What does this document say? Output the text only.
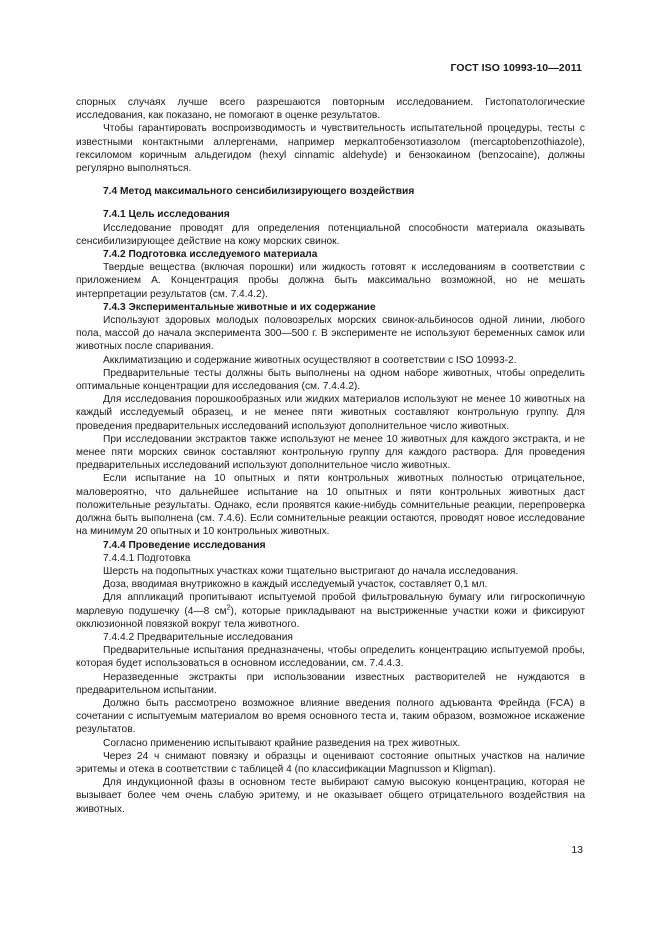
ГОСТ ISO 10993-10—2011

спорных случаях лучше всего разрешаются повторным исследованием. Гистопатологические исследования, как показано, не помогают в оценке результатов.

Чтобы гарантировать воспроизводимость и чувствительность испытательной процедуры, тесты с известными контактными аллергенами, например меркаптобензотиазолом (mercaptobenzothiazole), гексиломом коричным альдегидом (hexyl cinnamic aldehyde) и бензокаином (benzocaine), должны регулярно выполняться.

7.4 Метод максимального сенсибилизирующего воздействия

7.4.1 Цель исследования

Исследование проводят для определения потенциальной способности материала оказывать сенсибилизирующее действие на кожу морских свинок.

7.4.2 Подготовка исследуемого материала

Твердые вещества (включая порошки) или жидкость готовят к исследованиям в соответствии с приложением А. Концентрация пробы должна быть максимально возможной, но не мешать интерпретации результатов (см. 7.4.4.2).

7.4.3 Экспериментальные животные и их содержание

Используют здоровых молодых половозрелых морских свинок-альбиносов одной линии, любого пола, массой до начала эксперимента 300—500 г. В эксперименте не используют беременных самок или животных после спаривания.

Акклиматизацию и содержание животных осуществляют в соответствии с ISO 10993-2.

Предварительные тесты должны быть выполнены на одном наборе животных, чтобы определить оптимальные концентрации для исследования (см. 7.4.4.2).

Для исследования порошкообразных или жидких материалов используют не менее 10 животных на каждый исследуемый образец, и не менее пяти животных составляют контрольную группу. Для проведения предварительных исследований используют дополнительное число животных.

При исследовании экстрактов также используют не менее 10 животных для каждого экстракта, и не менее пяти морских свинок составляют контрольную группу для каждого раствора. Для проведения предварительных исследований используют дополнительное число животных.

Если испытание на 10 опытных и пяти контрольных животных полностью отрицательное, маловероятно, что дальнейшее испытание на 10 опытных и пяти контрольных животных даст положительные результаты. Однако, если проявятся какие-нибудь сомнительные реакции, перепроверка должна быть выполнена (см. 7.4.6). Если сомнительные реакции остаются, проводят новое исследование на минимум 20 опытных и 10 контрольных животных.

7.4.4 Проведение исследования

7.4.4.1 Подготовка

Шерсть на подопытных участках кожи тщательно выстригают до начала исследования.

Доза, вводимая внутрикожно в каждый исследуемый участок, составляет 0,1 мл.

Для аппликаций пропитывают испытуемой пробой фильтровальную бумагу или гигроскопичную марлевую подушечку (4—8 $см^2$), которые прикладывают на выстриженные участки кожи и фиксируют окклюзионной повязкой вокруг тела животного.

7.4.4.2 Предварительные исследования

Предварительные испытания предназначены, чтобы определить концентрацию испытуемой пробы, которая будет использоваться в основном исследовании, см. 7.4.4.3.

Неразведенные экстракты при использовании известных растворителей не нуждаются в предварительном испытании.

Должно быть рассмотрено возможное влияние введения полного адъюванта Фрейнда (FCA) в сочетании с испытуемым материалом во время основного теста и, таким образом, возможное искажение результатов.

Согласно применению испытывают крайние разведения на трех животных.

Через 24 ч снимают повязку и образцы и оценивают состояние опытных участков на наличие эритемы и отека в соответствии с таблицей 4 (по классификации Magnusson и Kligman).

Для индукционной фазы в основном тесте выбирают самую высокую концентрацию, которая не вызывает более чем очень слабую эритему, и не оказывает общего отрицательного воздействия на животных.

13
